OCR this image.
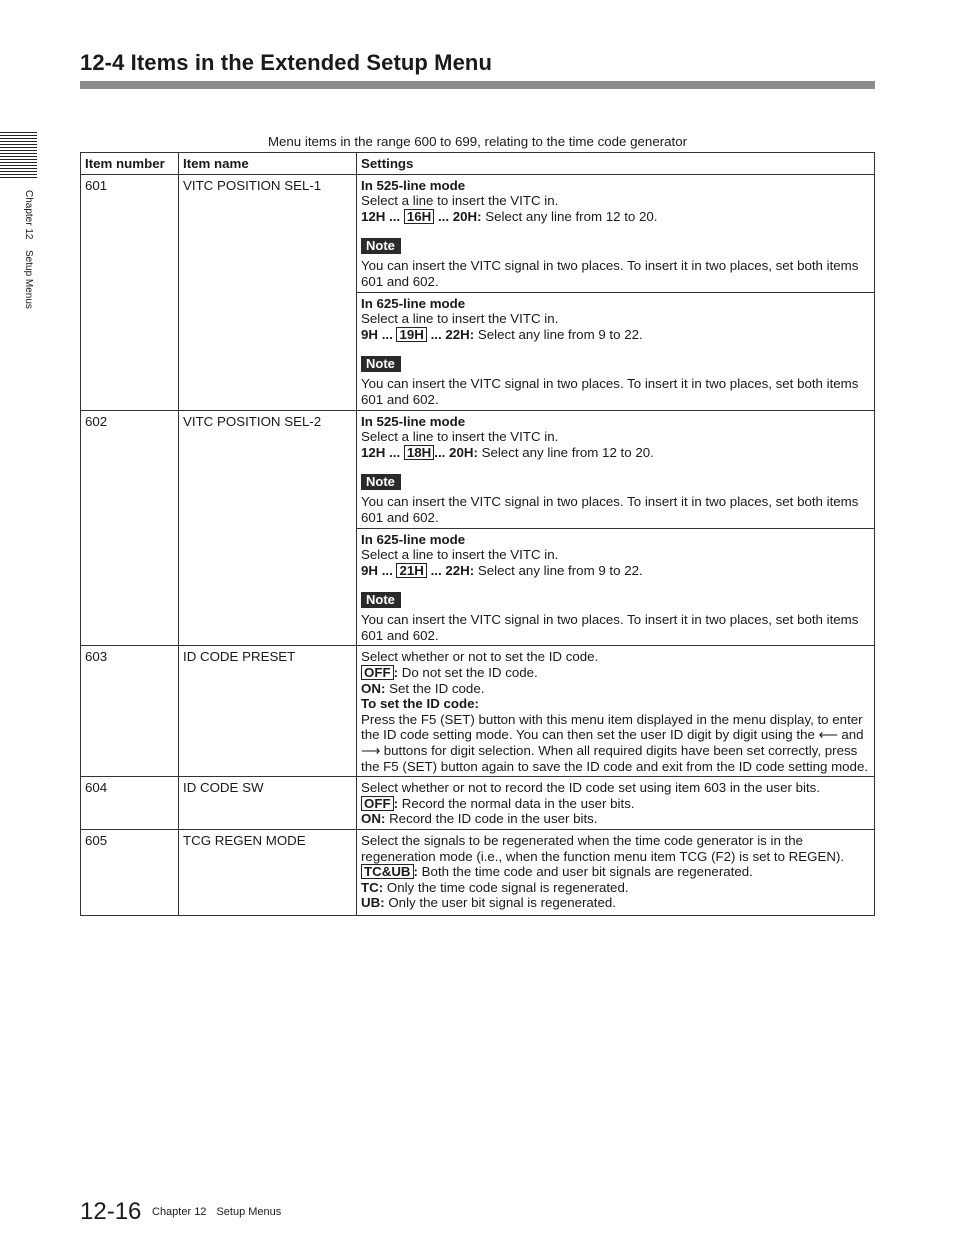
12-4 Items in the Extended Setup Menu
Chapter 12 Setup Menus
Menu items in the range 600 to 699, relating to the time code generator
Item number	Item name	Settings
601	VITC POSITION SEL-1	In 525-line mode
Select a line to insert the VITC in.
12H ... 16H ... 20H: Select any line from 12 to 20.
Note
You can insert the VITC signal in two places. To insert it in two places, set both items 601 and 602.

		In 625-line mode
Select a line to insert the VITC in.
9H ... 19H ... 22H: Select any line from 9 to 22.
Note
You can insert the VITC signal in two places. To insert it in two places, set both items 601 and 602.

602	VITC POSITION SEL-2	In 525-line mode
Select a line to insert the VITC in.
12H ... 18H ... 20H: Select any line from 12 to 20.
Note
You can insert the VITC signal in two places. To insert it in two places, set both items 601 and 602.

		In 625-line mode
Select a line to insert the VITC in.
9H ... 21H ... 22H: Select any line from 9 to 22.
Note
You can insert the VITC signal in two places. To insert it in two places, set both items 601 and 602.

603	ID CODE PRESET	Select whether or not to set the ID code.
OFF : Do not set the ID code.
ON: Set the ID code.
To set the ID code:
Press the F5 (SET) button with this menu item displayed in the menu display, to enter the ID code setting mode. You can then set the user ID digit by digit using the ⟵ and ⟶ buttons for digit selection. When all required digits have been set correctly, press the F5 (SET) button again to save the ID code and exit from the ID code setting mode.

604	ID CODE SW	Select whether or not to record the ID code set using item 603 in the user bits.
OFF : Record the normal data in the user bits.
ON: Record the ID code in the user bits.

605	TCG REGEN MODE	Select the signals to be regenerated when the time code generator is in the regeneration mode (i.e., when the function menu item TCG (F2) is set to REGEN).
TC&UB : Both the time code and user bit signals are regenerated.
TC: Only the time code signal is regenerated.
UB: Only the user bit signal is regenerated.
12-16 Chapter 12 Setup Menus
